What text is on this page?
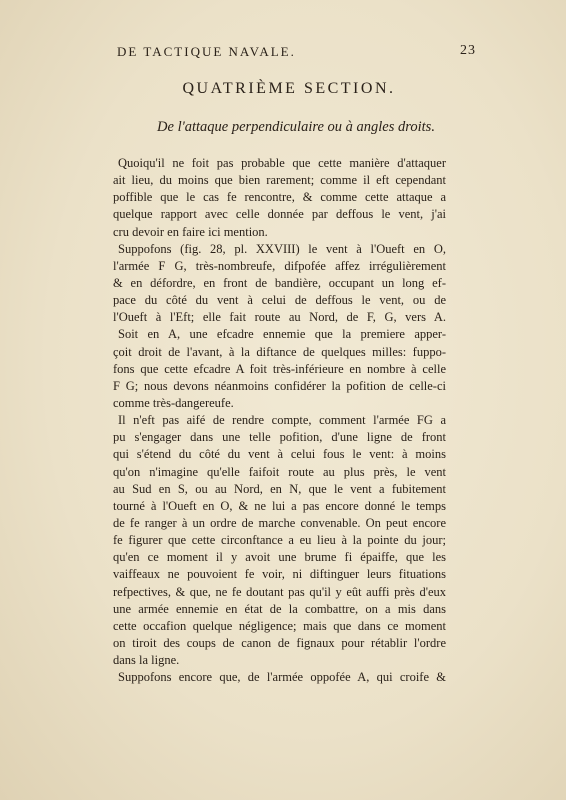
DE TACTIQUE NAVALE.	23
QUATRIÈME SECTION.
De l'attaque perpendiculaire ou à angles droits.
Quoiqu'il ne foit pas probable que cette manière d'attaquer
ait lieu, du moins que bien rarement; comme il eft cependant
poffible que le cas fe rencontre, & comme cette attaque a
quelque rapport avec celle donnée par deffous le vent, j'ai
cru devoir en faire ici mention.
Suppofons (fig. 28, pl. XXVIII) le vent à l'Oueft en O,
l'armée F G, très-nombreufe, difpofée affez irrégulièrement
& en défordre, en front de bandière, occupant un long ef-
pace du côté du vent à celui de deffous le vent, ou de
l'Oueft à l'Eft; elle fait route au Nord, de F, G, vers A.
Soit en A, une efcadre ennemie que la premiere apper-
çoit droit de l'avant, à la diftance de quelques milles: fuppo-
fons que cette efcadre A foit très-inférieure en nombre à celle
F G; nous devons néanmoins confidérer la pofition de celle-ci
comme très-dangereufe.
Il n'eft pas aifé de rendre compte, comment l'armée FG a
pu s'engager dans une telle pofition, d'une ligne de front
qui s'étend du côté du vent à celui fous le vent: à moins
qu'on n'imagine qu'elle faifoit route au plus près, le vent
au Sud en S, ou au Nord, en N, que le vent a fubitement
tourné à l'Oueft en O, & ne lui a pas encore donné le temps
de fe ranger à un ordre de marche convenable. On peut encore
fe figurer que cette circonftance a eu lieu à la pointe du jour;
qu'en ce moment il y avoit une brume fi épaiffe, que les
vaiffeaux ne pouvoient fe voir, ni diftinguer leurs fituations
refpectives, & que, ne fe doutant pas qu'il y eût auffi près d'eux
une armée ennemie en état de la combattre, on a mis dans
cette occafion quelque négligence; mais que dans ce moment
on tiroit des coups de canon de fignaux pour rétablir l'ordre
dans la ligne.
Suppofons encore que, de l'armée oppofée A, qui croife &
